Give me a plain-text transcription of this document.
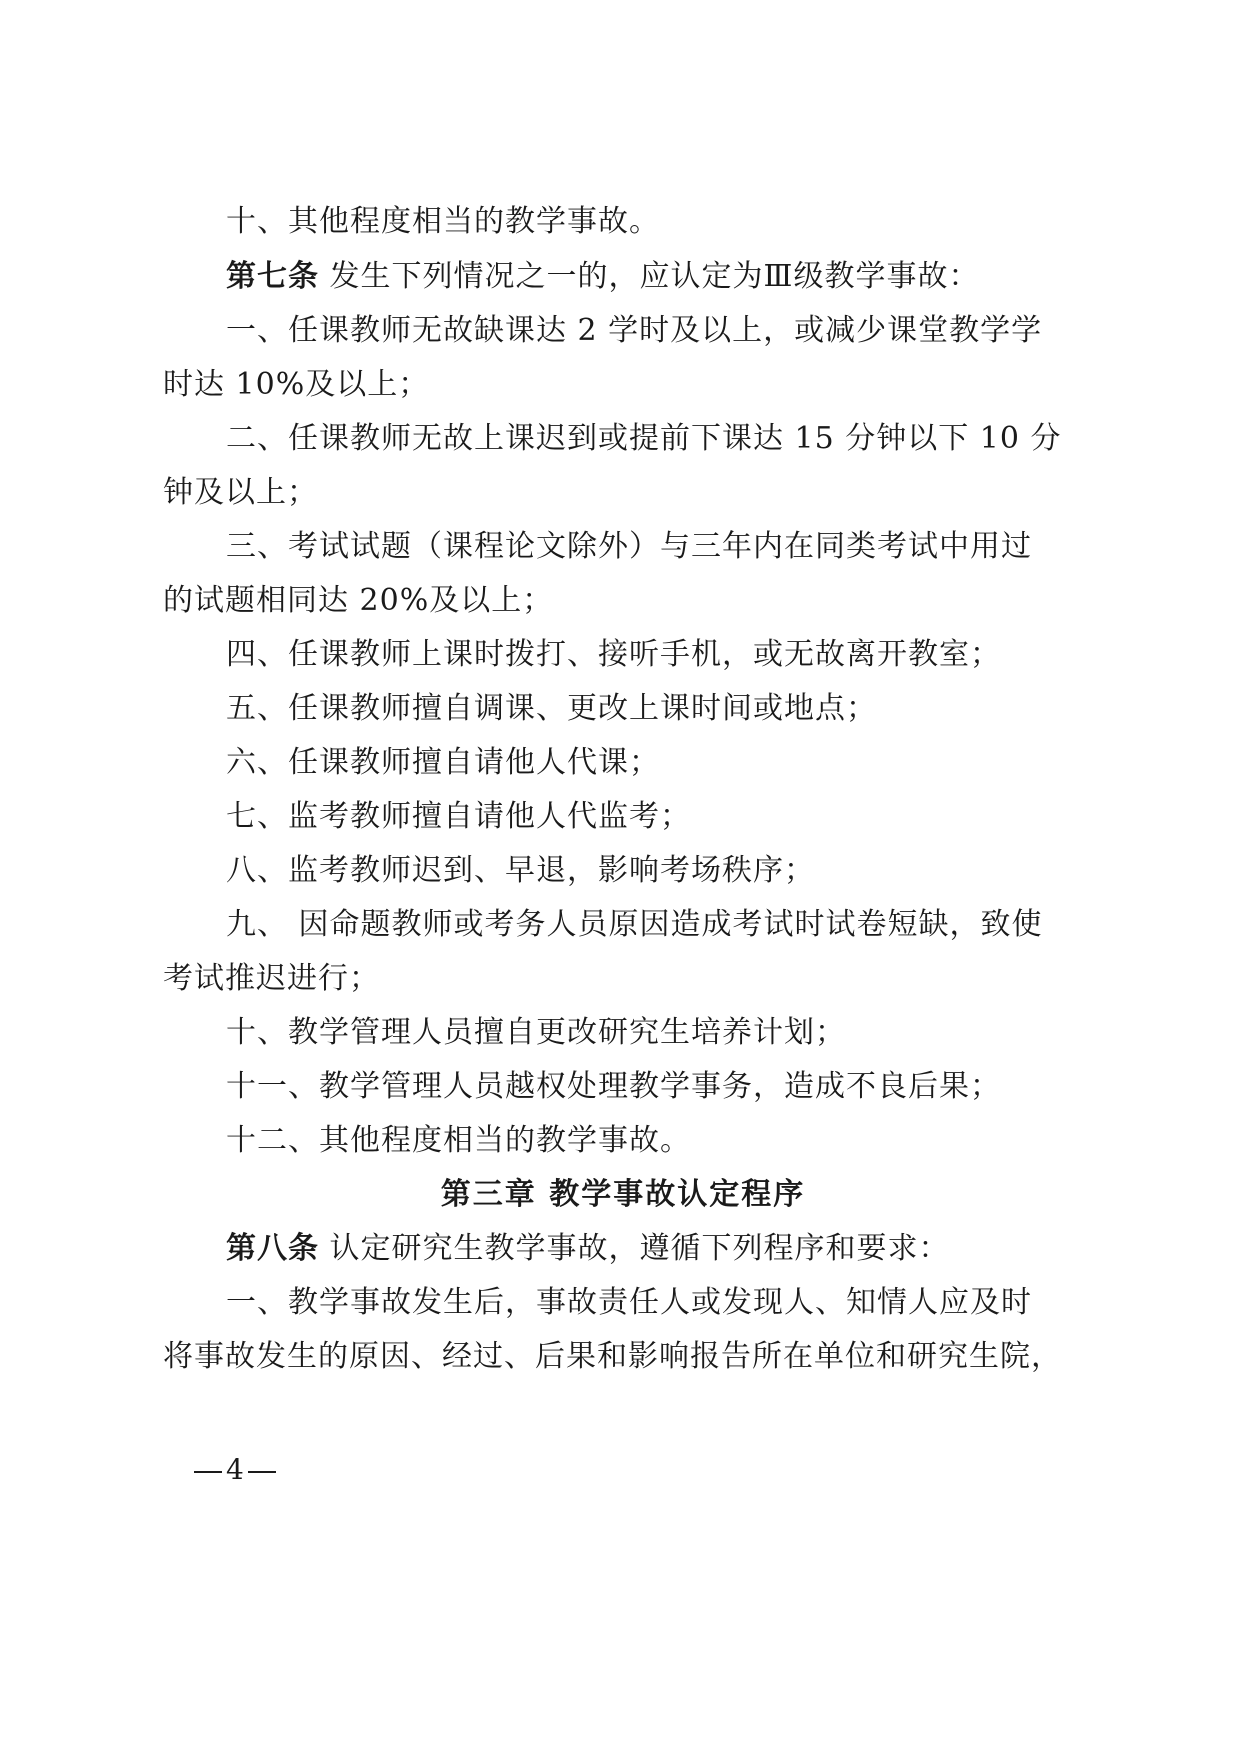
十、其他程度相当的教学事故。
第七条 发生下列情况之一的，应认定为Ⅲ级教学事故：
一、任课教师无故缺课达 2 学时及以上，或减少课堂教学学
时达 10%及以上；
二、任课教师无故上课迟到或提前下课达 15 分钟以下 10 分
钟及以上；
三、考试试题（课程论文除外）与三年内在同类考试中用过
的试题相同达 20%及以上；
四、任课教师上课时拨打、接听手机，或无故离开教室；
五、任课教师擅自调课、更改上课时间或地点；
六、任课教师擅自请他人代课；
七、监考教师擅自请他人代监考；
八、监考教师迟到、早退，影响考场秩序；
九、 因命题教师或考务人员原因造成考试时试卷短缺，致使
考试推迟进行；
十、教学管理人员擅自更改研究生培养计划；
十一、教学管理人员越权处理教学事务，造成不良后果；
十二、其他程度相当的教学事故。
第三章 教学事故认定程序
第八条 认定研究生教学事故，遵循下列程序和要求：
一、教学事故发生后，事故责任人或发现人、知情人应及时
将事故发生的原因、经过、后果和影响报告所在单位和研究生院，
4
